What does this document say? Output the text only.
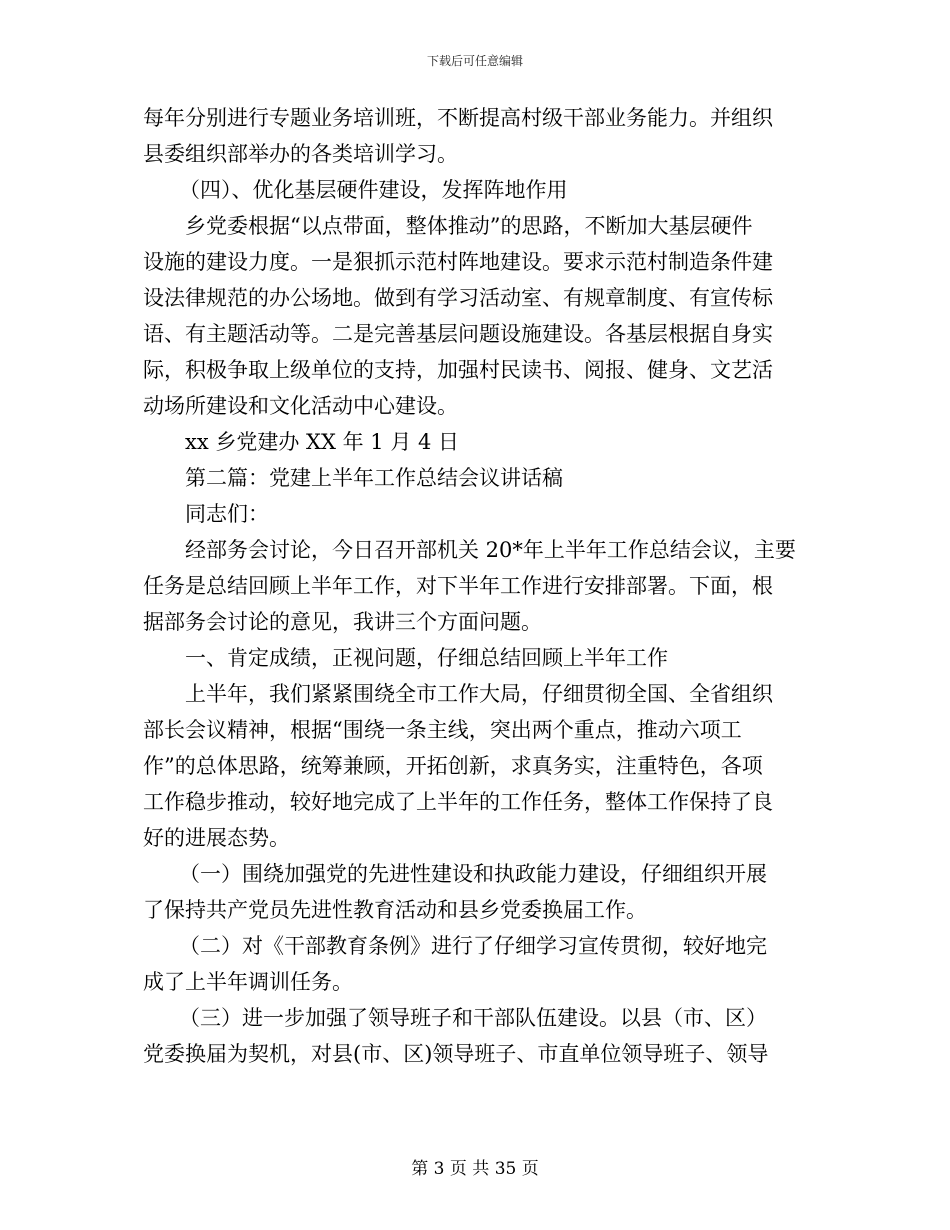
下载后可任意编辑
每年分别进行专题业务培训班，不断提高村级干部业务能力。并组织
县委组织部举办的各类培训学习。
（四）、优化基层硬件建设，发挥阵地作用
乡党委根据“以点带面，整体推动”的思路，不断加大基层硬件
设施的建设力度。一是狠抓示范村阵地建设。要求示范村制造条件建
设法律规范的办公场地。做到有学习活动室、有规章制度、有宣传标
语、有主题活动等。二是完善基层问题设施建设。各基层根据自身实
际，积极争取上级单位的支持，加强村民读书、阅报、健身、文艺活
动场所建设和文化活动中心建设。
xx 乡党建办 XX 年 1 月 4 日
第二篇：党建上半年工作总结会议讲话稿
同志们：
经部务会讨论，今日召开部机关 20*年上半年工作总结会议，主要
任务是总结回顾上半年工作，对下半年工作进行安排部署。下面，根
据部务会讨论的意见，我讲三个方面问题。
一、肯定成绩，正视问题，仔细总结回顾上半年工作
上半年，我们紧紧围绕全市工作大局，仔细贯彻全国、全省组织
部长会议精神，根据“围绕一条主线，突出两个重点，推动六项工
作”的总体思路，统筹兼顾，开拓创新，求真务实，注重特色，各项
工作稳步推动，较好地完成了上半年的工作任务，整体工作保持了良
好的进展态势。
（一）围绕加强党的先进性建设和执政能力建设，仔细组织开展
了保持共产党员先进性教育活动和县乡党委换届工作。
（二）对《干部教育条例》进行了仔细学习宣传贯彻，较好地完
成了上半年调训任务。
（三）进一步加强了领导班子和干部队伍建设。以县（市、区）
党委换届为契机，对县(市、区)领导班子、市直单位领导班子、领导
第 3 页 共 35 页
